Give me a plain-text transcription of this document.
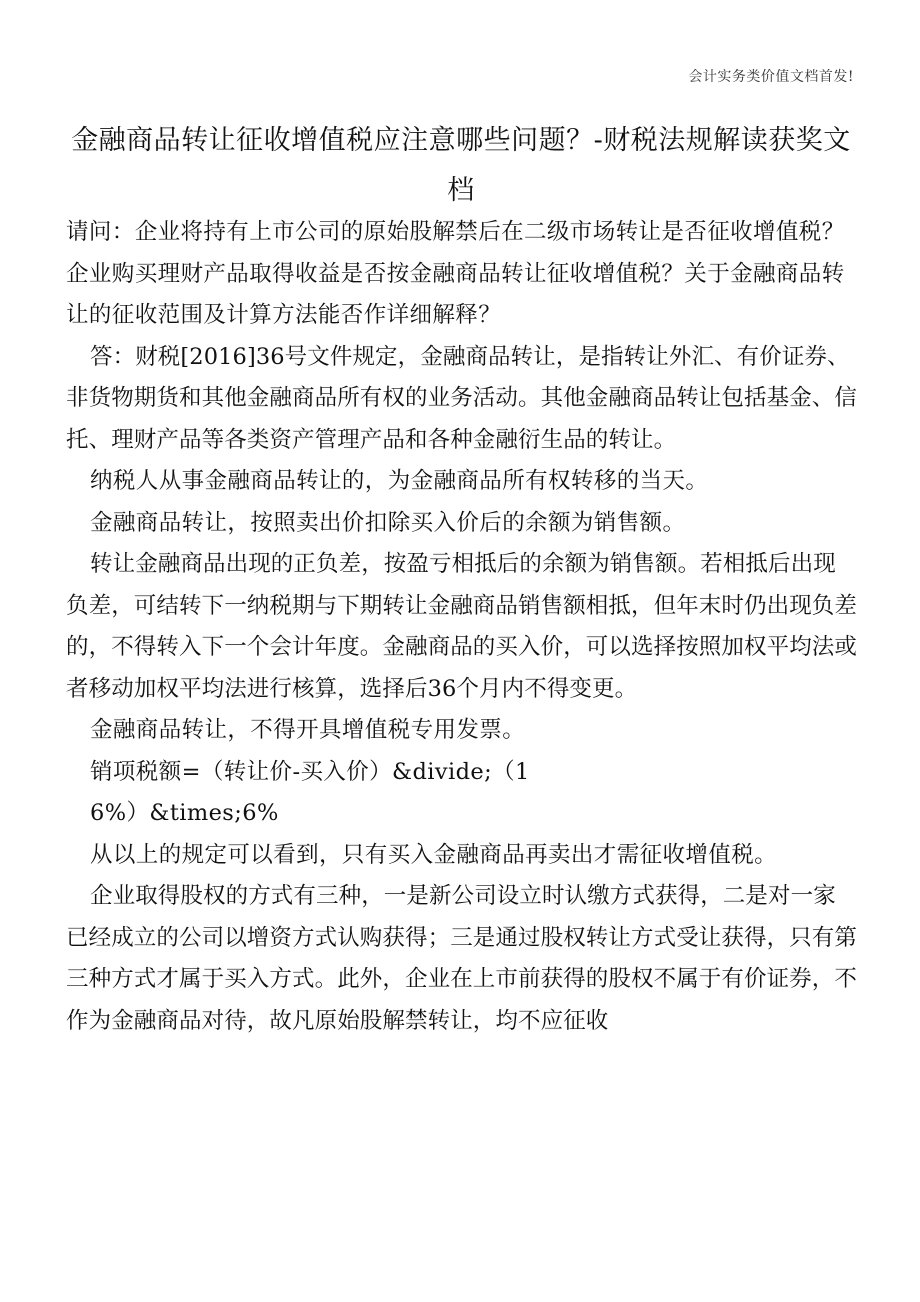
会计实务类价值文档首发!
金融商品转让征收增值税应注意哪些问题？-财税法规解读获奖文档

请问：企业将持有上市公司的原始股解禁后在二级市场转让是否征收增值税？企业购买理财产品取得收益是否按金融商品转让征收增值税？关于金融商品转让的征收范围及计算方法能否作详细解释？

答：财税[2016]36号文件规定，金融商品转让，是指转让外汇、有价证券、非货物期货和其他金融商品所有权的业务活动。其他金融商品转让包括基金、信托、理财产品等各类资产管理产品和各种金融衍生品的转让。

纳税人从事金融商品转让的，为金融商品所有权转移的当天。

金融商品转让，按照卖出价扣除买入价后的余额为销售额。

转让金融商品出现的正负差，按盈亏相抵后的余额为销售额。若相抵后出现负差，可结转下一纳税期与下期转让金融商品销售额相抵，但年末时仍出现负差的，不得转入下一个会计年度。金融商品的买入价，可以选择按照加权平均法或者移动加权平均法进行核算，选择后36个月内不得变更。

金融商品转让，不得开具增值税专用发票。

销项税额=（转让价-买入价）&divide;（1

6%）&times;6%

从以上的规定可以看到，只有买入金融商品再卖出才需征收增值税。

企业取得股权的方式有三种，一是新公司设立时认缴方式获得，二是对一家已经成立的公司以增资方式认购获得；三是通过股权转让方式受让获得，只有第三种方式才属于买入方式。此外，企业在上市前获得的股权不属于有价证券，不作为金融商品对待，故凡原始股解禁转让，均不应征收
